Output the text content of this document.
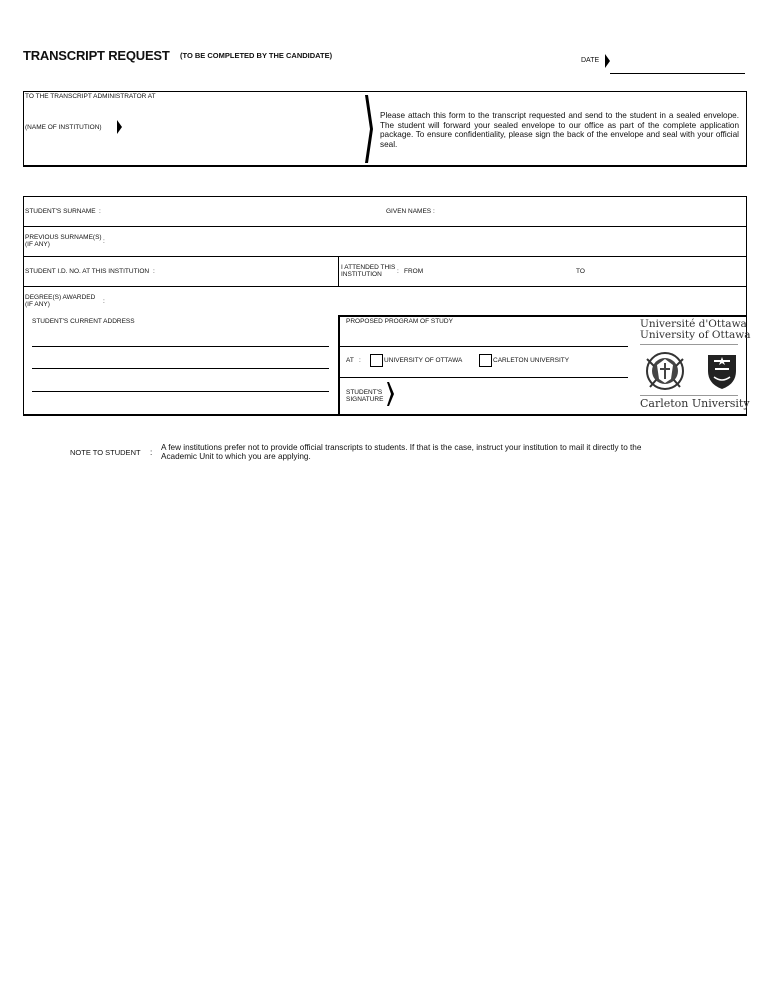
TRANSCRIPT REQUEST (TO BE COMPLETED BY THE CANDIDATE)
DATE
TO THE TRANSCRIPT ADMINISTRATOR AT
(NAME OF INSTITUTION)
Please attach this form to the transcript requested and send to the student in a sealed envelope. The student will forward your sealed envelope to our office as part of the complete application package. To ensure confidentiality, please sign the back of the envelope and seal with your official seal.
STUDENT'S SURNAME :	GIVEN NAMES :
PREVIOUS SURNAME(S)
(IF ANY)	:
STUDENT I.D. NO. AT THIS INSTITUTION :
I ATTENDED THIS
INSTITUTION : FROM	TO
DEGREE(S) AWARDED
(IF ANY)	:
STUDENT'S CURRENT ADDRESS	PROPOSED PROGRAM OF STUDY
AT :	UNIVERSITY OF OTTAWA	CARLETON UNIVERSITY
STUDENT'S
SIGNATURE
Université d'Ottawa
University of Ottawa
Carleton University
NOTE TO STUDENT :
A few institutions prefer not to provide official transcripts to students. If that is the case, instruct your institution to mail it directly to the
Academic Unit to which you are applying.
